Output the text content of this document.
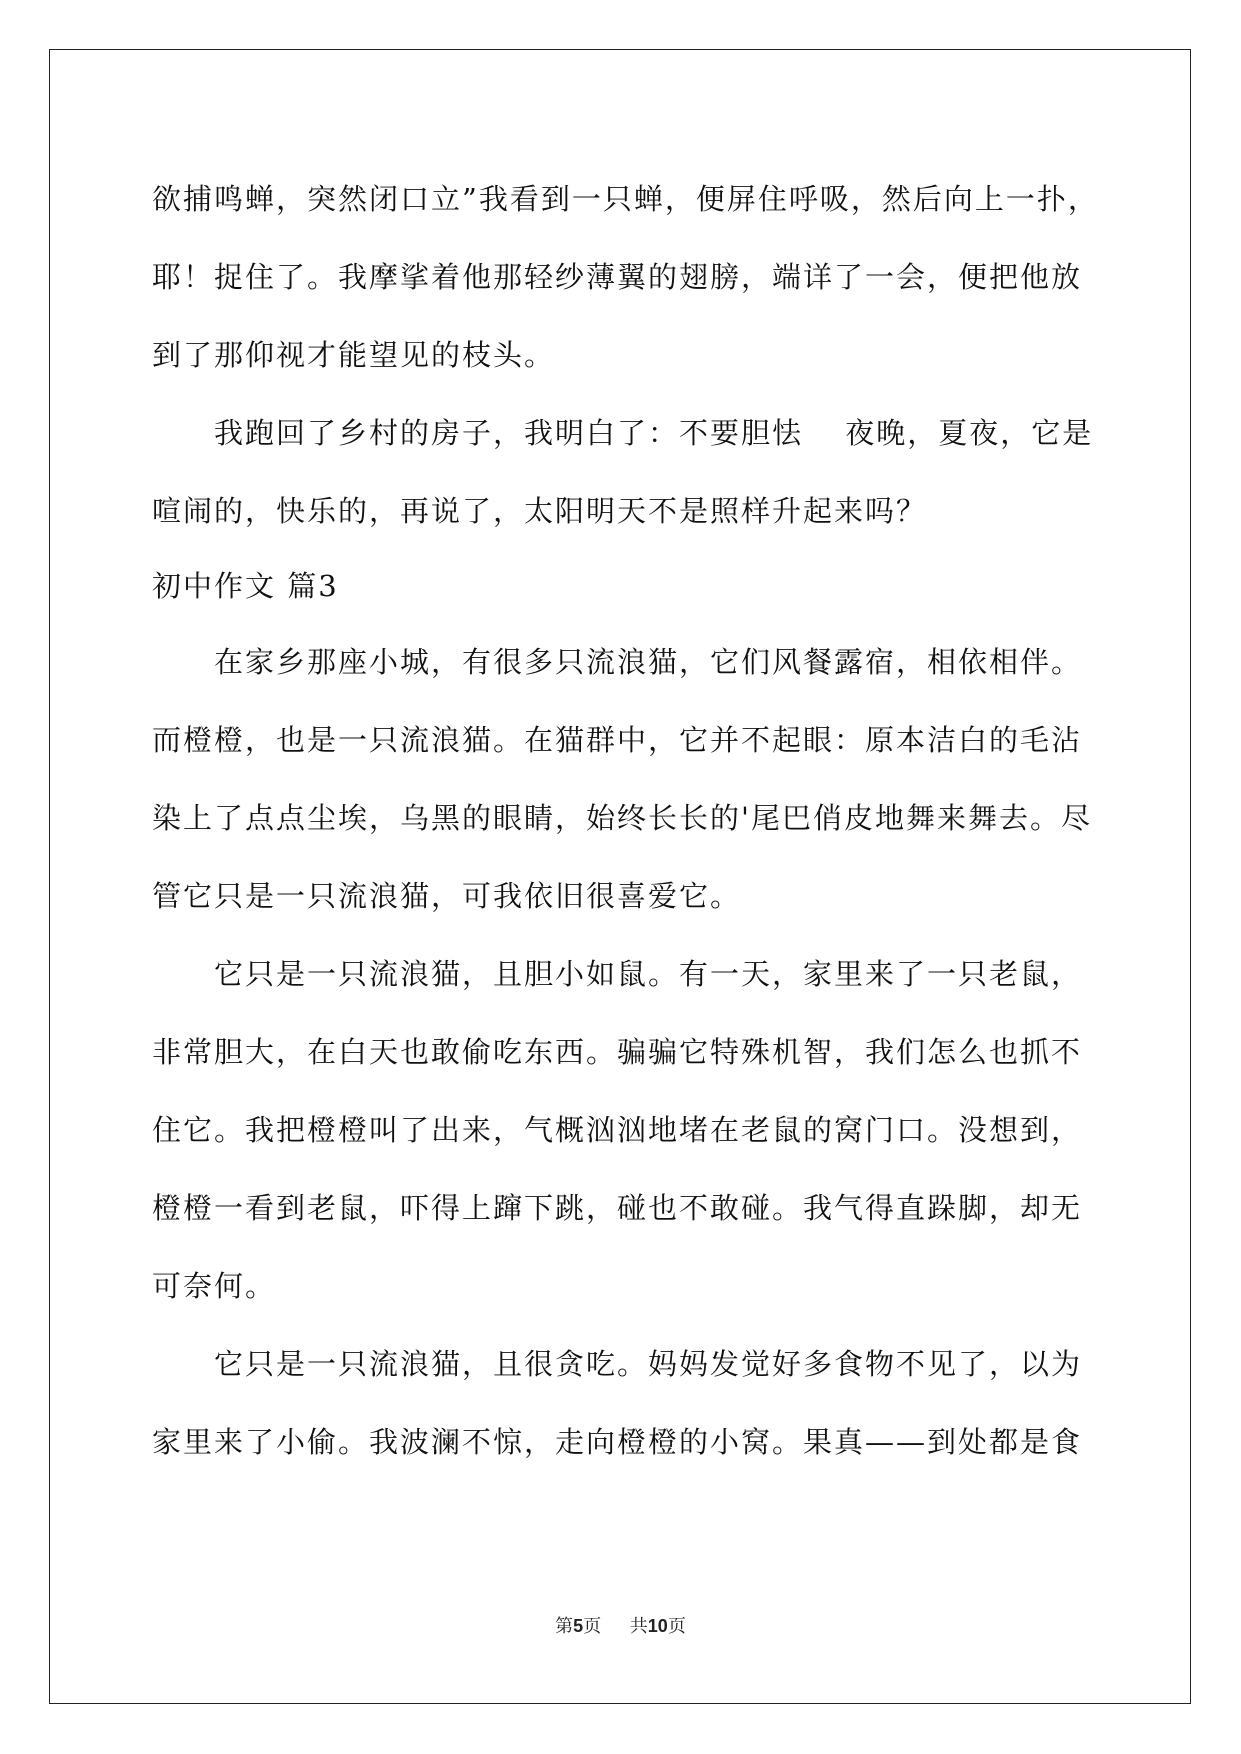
欲捕鸣蝉，突然闭口立”我看到一只蝉，便屏住呼吸，然后向上一扑，
耶！捉住了。我摩挲着他那轻纱薄翼的翅膀，端详了一会，便把他放
到了那仰视才能望见的枝头。
我跑回了乡村的房子，我明白了：不要胆怯　 夜晚，夏夜，它是
喧闹的，快乐的，再说了，太阳明天不是照样升起来吗？
初中作文 篇3
在家乡那座小城，有很多只流浪猫，它们风餐露宿，相依相伴。
而橙橙，也是一只流浪猫。在猫群中，它并不起眼：原本洁白的毛沾
染上了点点尘埃，乌黑的眼睛，始终长长的'尾巴俏皮地舞来舞去。尽
管它只是一只流浪猫，可我依旧很喜爱它。
它只是一只流浪猫，且胆小如鼠。有一天，家里来了一只老鼠，
非常胆大，在白天也敢偷吃东西。骗骗它特殊机智，我们怎么也抓不
住它。我把橙橙叫了出来，气概汹汹地堵在老鼠的窝门口。没想到，
橙橙一看到老鼠，吓得上蹿下跳，碰也不敢碰。我气得直跺脚，却无
可奈何。
它只是一只流浪猫，且很贪吃。妈妈发觉好多食物不见了，以为
家里来了小偷。我波澜不惊，走向橙橙的小窝。果真——到处都是食
第5页 共10页
